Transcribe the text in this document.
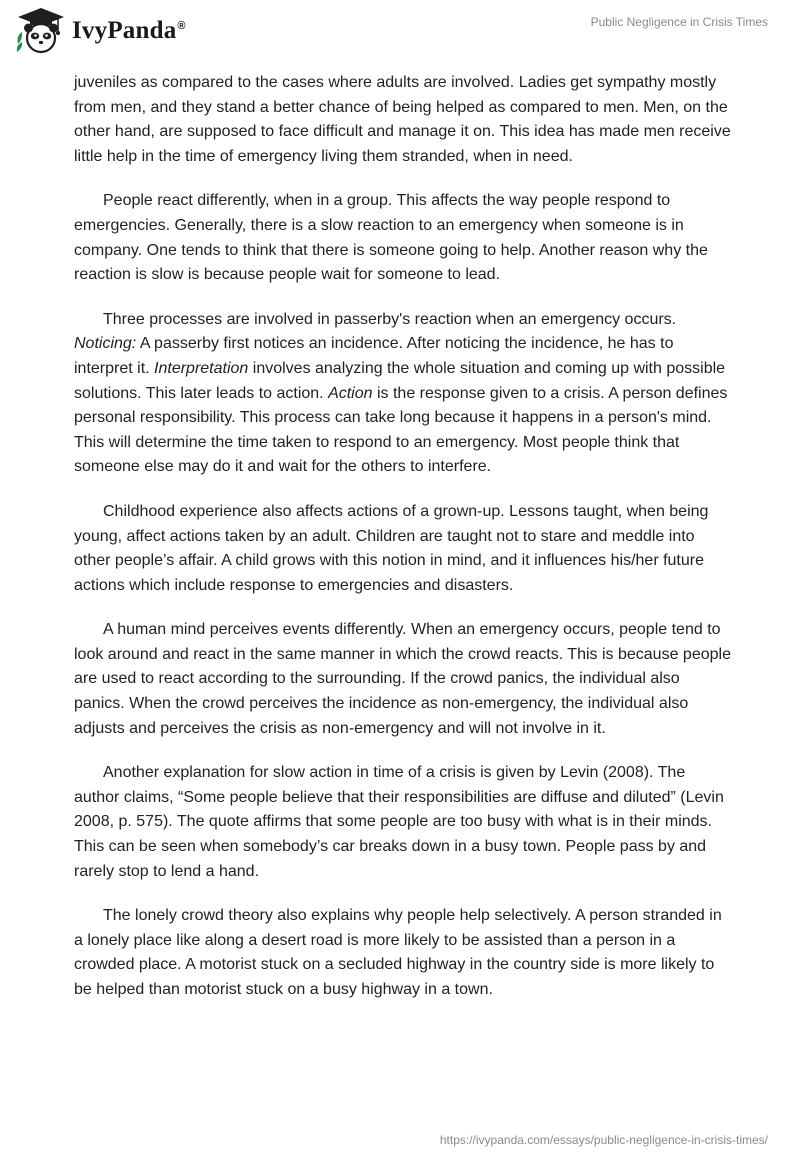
IvyPanda®	Public Negligence in Crisis Times

juveniles as compared to the cases where adults are involved. Ladies get sympathy mostly from men, and they stand a better chance of being helped as compared to men. Men, on the other hand, are supposed to face difficult and manage it on. This idea has made men receive little help in the time of emergency living them stranded, when in need.

People react differently, when in a group. This affects the way people respond to emergencies. Generally, there is a slow reaction to an emergency when someone is in company. One tends to think that there is someone going to help. Another reason why the reaction is slow is because people wait for someone to lead.

Three processes are involved in passerby's reaction when an emergency occurs. Noticing: A passerby first notices an incidence. After noticing the incidence, he has to interpret it. Interpretation involves analyzing the whole situation and coming up with possible solutions. This later leads to action. Action is the response given to a crisis. A person defines personal responsibility. This process can take long because it happens in a person's mind. This will determine the time taken to respond to an emergency. Most people think that someone else may do it and wait for the others to interfere.

Childhood experience also affects actions of a grown-up. Lessons taught, when being young, affect actions taken by an adult. Children are taught not to stare and meddle into other people’s affair. A child grows with this notion in mind, and it influences his/her future actions which include response to emergencies and disasters.

A human mind perceives events differently. When an emergency occurs, people tend to look around and react in the same manner in which the crowd reacts. This is because people are used to react according to the surrounding. If the crowd panics, the individual also panics. When the crowd perceives the incidence as non-emergency, the individual also adjusts and perceives the crisis as non-emergency and will not involve in it.

Another explanation for slow action in time of a crisis is given by Levin (2008). The author claims, “Some people believe that their responsibilities are diffuse and diluted” (Levin 2008, p. 575). The quote affirms that some people are too busy with what is in their minds. This can be seen when somebody’s car breaks down in a busy town. People pass by and rarely stop to lend a hand.

The lonely crowd theory also explains why people help selectively. A person stranded in a lonely place like along a desert road is more likely to be assisted than a person in a crowded place. A motorist stuck on a secluded highway in the country side is more likely to be helped than motorist stuck on a busy highway in a town.

https://ivypanda.com/essays/public-negligence-in-crisis-times/
